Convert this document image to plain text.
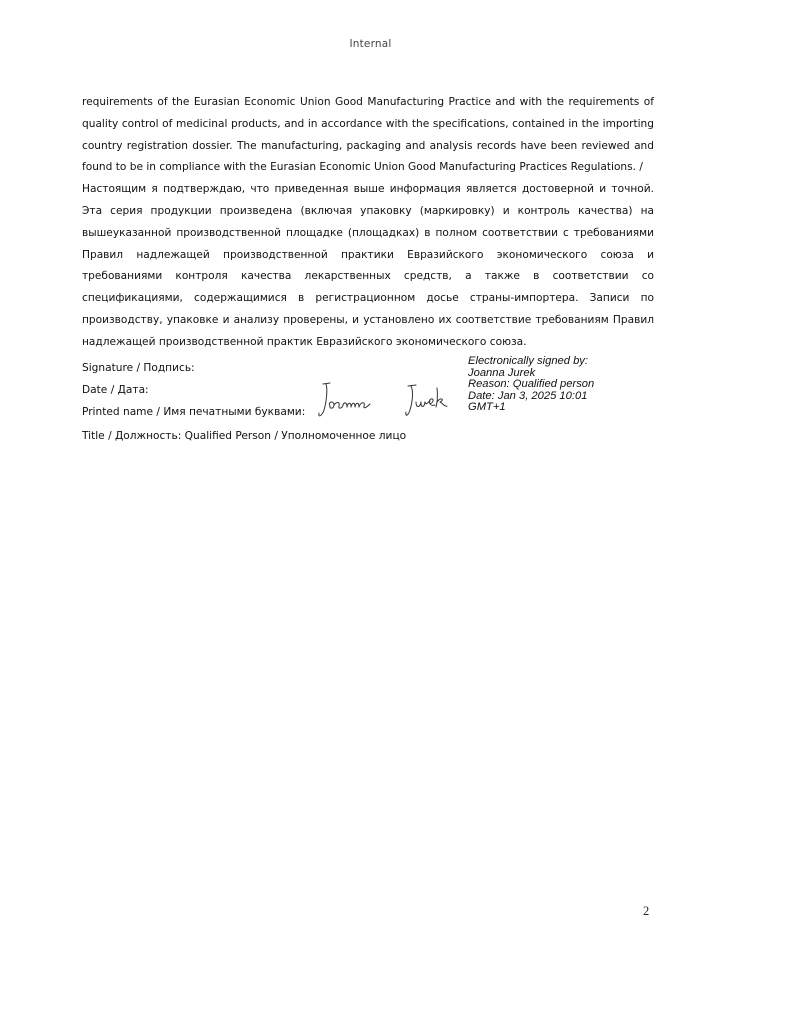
Internal

requirements of the Eurasian Economic Union Good Manufacturing Practice and with the requirements of quality control of medicinal products, and in accordance with the specifications, contained in the importing country registration dossier. The manufacturing, packaging and analysis records have been reviewed and found to be in compliance with the Eurasian Economic Union Good Manufacturing Practices Regulations. /

Настоящим я подтверждаю, что приведенная выше информация является достоверной и точной. Эта серия продукции произведена (включая упаковку (маркировку) и контроль качества) на вышеуказанной производственной площадке (площадках) в полном соответствии с требованиями Правил надлежащей производственной практики Евразийского экономического союза и требованиями контроля качества лекарственных средств, а также в соответствии со спецификациями, содержащимися в регистрационном досье страны-импортера. Записи по производству, упаковке и анализу проверены, и установлено их соответствие требованиям Правил надлежащей производственной практик Евразийского экономического союза.

Signature / Подпись:
Date / Дата:
Printed name / Имя печатными буквами:
Title / Должность: Qualified Person / Уполномоченное лицо
Electronically signed by:
Joanna Jurek
Reason: Qualified person
Date: Jan 3, 2025 10:01
GMT+1
2
